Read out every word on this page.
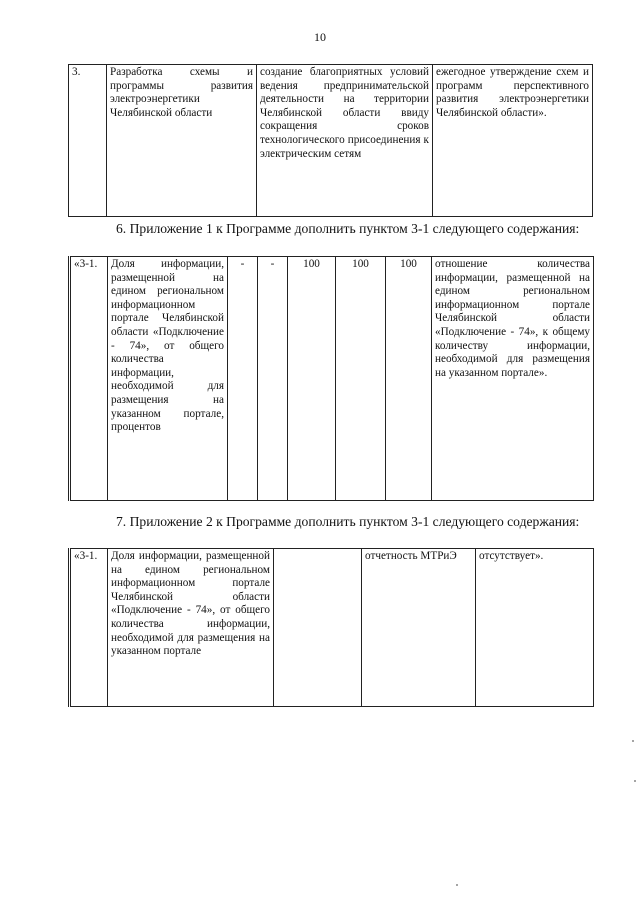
10
3.	Разработка схемы и программы развития электроэнергетики Челябинской области	создание благоприятных условий ведения предпринимательской деятельности на территории Челябинской области ввиду сокращения сроков технологического присоединения к электрическим сетям	ежегодное утверждение схем и программ перспективного развития электроэнергетики Челябинской области».
6. Приложение 1 к Программе дополнить пунктом 3-1 следующего содержания:
«3-1.	Доля информации, размещенной на едином региональном информационном портале Челябинской области «Подключение - 74», от общего количества информации, необходимой для размещения на указанном портале, процентов	-	-	100	100	100	отношение количества информации, размещенной на едином региональном информационном портале Челябинской области «Подключение - 74», к общему количеству информации, необходимой для размещения на указанном портале».
7. Приложение 2 к Программе дополнить пунктом 3-1 следующего содержания:
«3-1.	Доля информации, размещенной на едином региональном информационном портале Челябинской области «Подключение - 74», от общего количества информации, необходимой для размещения на указанном портале		отчетность МТРиЭ	отсутствует».
